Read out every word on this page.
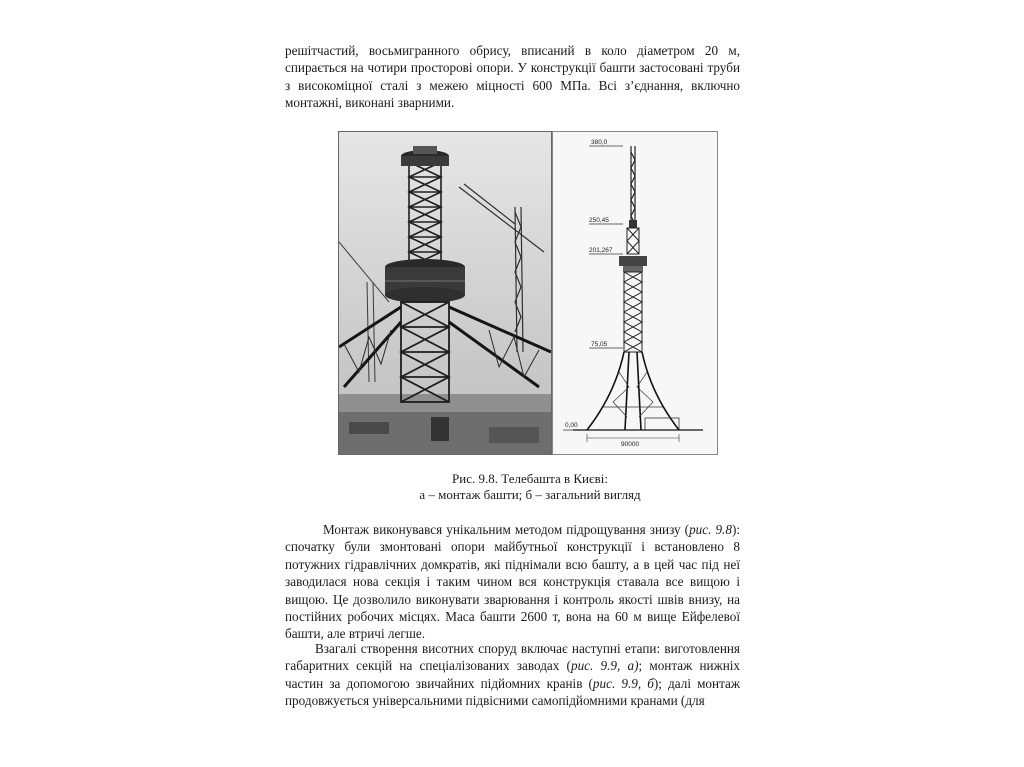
решітчастий, восьмигранного обрису, вписаний в коло діаметром 20 м, спирається на чотири просторові опори. У конструкції башти застосовані труби з високоміцної сталі з межею міцності 600 МПа. Всі з’єднання, включно монтажні, виконані зварними.

380,0
250,45
201,267
75,05
0,00
90000
Рис. 9.8. Телебашта в Києві:
а – монтаж башти; б – загальний вигляд

Монтаж виконувався унікальним методом підрощування знизу (рис. 9.8): спочатку були змонтовані опори майбутньої конструкції і встановлено 8 потужних гідравлічних домкратів, які піднімали всю башту, а в цей час під неї заводилася нова секція і таким чином вся конструкція ставала все вищою і вищою. Це дозволило виконувати зварювання і контроль якості швів внизу, на постійних робочих місцях. Маса башти 2600 т, вона на 60 м вище Ейфелевої башти, але втричі легше.

Взагалі створення висотних споруд включає наступні етапи: виготовлення габаритних секцій на спеціалізованих заводах (рис. 9.9, а); монтаж нижніх частин за допомогою звичайних підйомних кранів (рис. 9.9, б); далі монтаж продовжується універсальними підвісними самопідйомними кранами (для
